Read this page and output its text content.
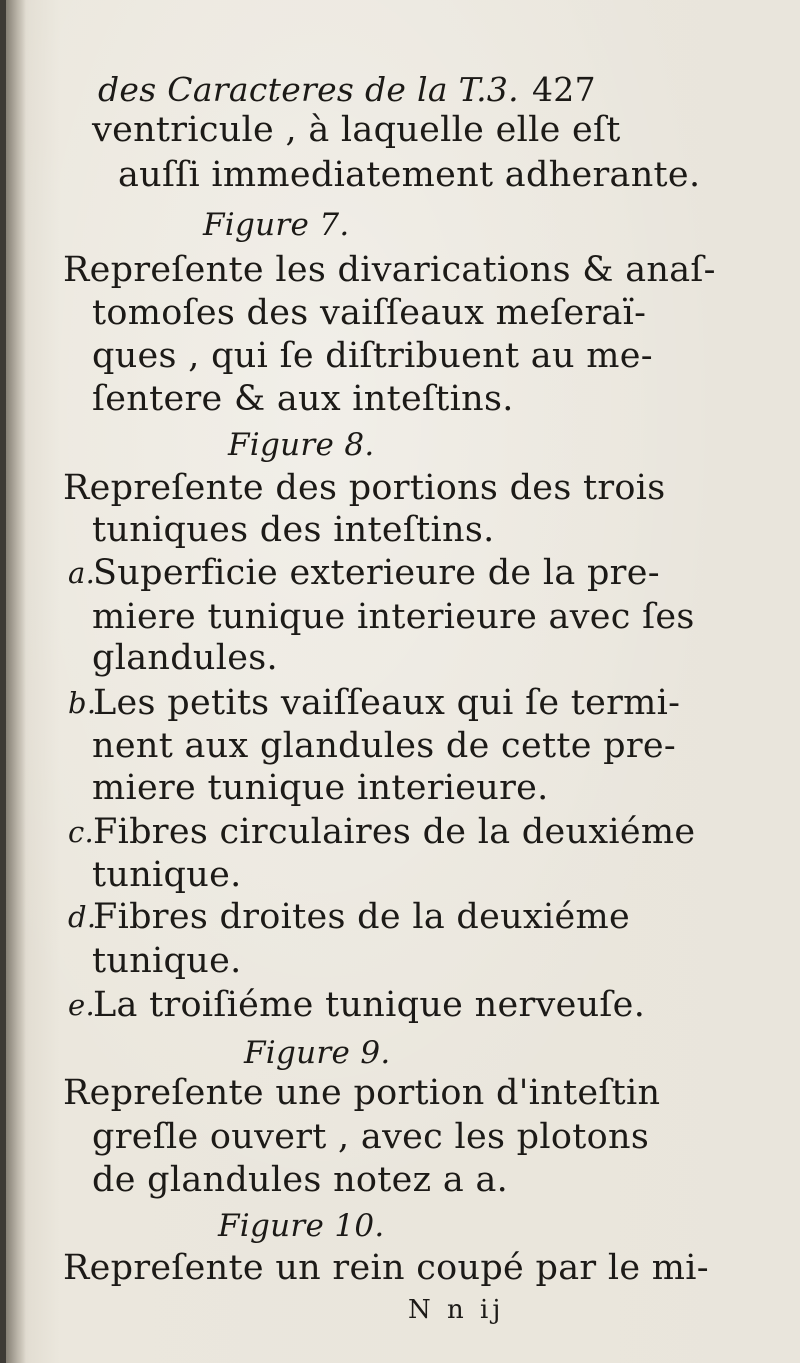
des Caracteres de la T.3. 427
ventricule , à laquelle elle eſt
auſſi immediatement adherante.
Figure 7.
Repreſente les divarications & anaſ-
tomoſes des vaiſſeaux meſeraï-
ques , qui ſe diſtribuent au me-
ſentere & aux inteſtins.
Figure 8.
Repreſente des portions des trois
tuniques des inteſtins.
a.
Superficie exterieure de la pre-
miere tunique interieure avec ſes
glandules.
b.
Les petits vaiſſeaux qui ſe termi-
nent aux glandules de cette pre-
miere tunique interieure.
c.
Fibres circulaires de la deuxiéme
tunique.
d.
Fibres droites de la deuxiéme
tunique.
e.
La troiſiéme tunique nerveuſe.
Figure 9.
Repreſente une portion d'inteſtin
greſle ouvert , avec les plotons
de glandules notez a a.
Figure 10.
Repreſente un rein coupé par le mi-
N n ij
